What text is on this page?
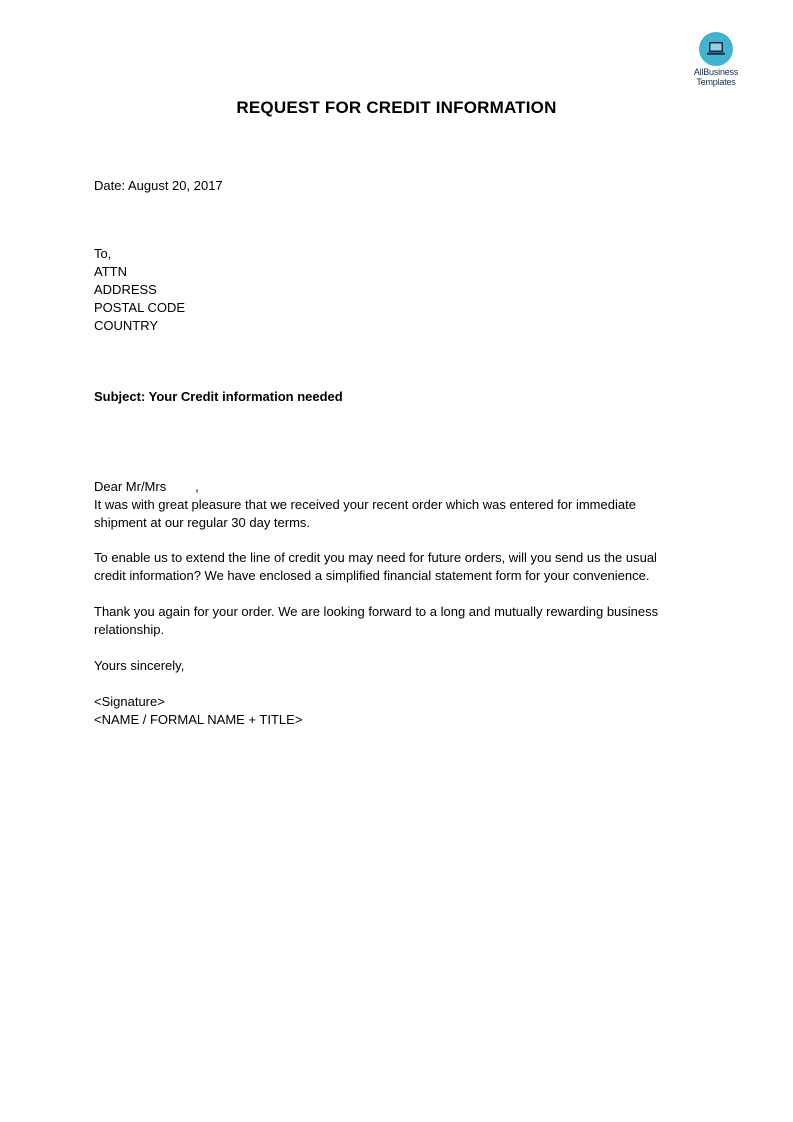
AllBusiness
Templates
REQUEST FOR CREDIT INFORMATION

Date: August 20, 2017

To,

ATTN

ADDRESS

POSTAL CODE

COUNTRY

Subject: Your Credit information needed

Dear Mr/Mrs        ,

It was with great pleasure that we received your recent order which was entered for immediate

shipment at our regular 30 day terms.

To enable us to extend the line of credit you may need for future orders, will you send us the usual

credit information? We have enclosed a simplified financial statement form for your convenience.

Thank you again for your order. We are looking forward to a long and mutually rewarding business

relationship.

Yours sincerely,

<Signature>

<NAME / FORMAL NAME + TITLE>
